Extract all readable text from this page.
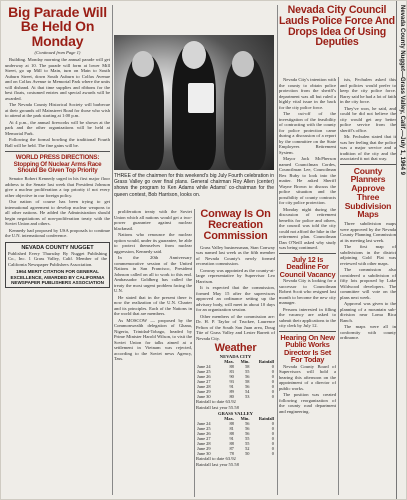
Nevada County Nugget—Grass Valley, Calif.—July 1, 1964 9
Big Parade Will Be Held On Monday
(Continued from Page 1)

Building. Monday morning the annual parade will get underway at 10. The parade will form at lower Mill Street, go up Mill to Main, turn on Main to South Auburn Street, down South Auburn to Colfax Avenue and on Colfax Avenue to Memorial Park where the units will disband. At that time supplies and ribbons for the best floats, costumed entries and special awards will be awarded.

The Nevada County Historical Society will barbecue at their grounds off Mainstreet Road for those who wish to attend at the park starting at 1:00 p.m.

At 4 p.m., the annual fireworks will be shown at the park and the other organizations will be held at Memorial Park.

Following the formal bowling the traditional Fourth Ball will be held. The fine gains will be.

WORLD PRESS DIRECTIONS: Stopping Of Nuclear Arms Race Should Be Given Top Priority

Senator Robert Kennedy urged in his first major floor address to the Senate last week that President Johnson give a nuclear proliferation a top priority if not every other objective in our foreign policy.

Our nation of course has been trying to get international agreement to develop nuclear weapons to all other nations. He added the Administration should begin negotiations of non-proliferation treaty with the Soviet Union and others.

Kennedy had proposed by USA proposals to continue the U.N. international conference.

NEVADA COUNTY NUGGET
Published Every Thursday By Nugget Publishing Co., Inc. 1 Grass Valley, Calif. Member of the California Newspaper Publishers Association.
1964 MERIT CITATION FOR GENERAL EXCELLENCE, AWARDED BY CALIFORNIA NEWSPAPER PUBLISHERS ASSOCIATION
THREE of the chairmen for this weekend's big July Fourth celebration in Grass Valley go over final plans. General chairman Roy Allen (center) shows the program to Ken Adams while Adams' co-chairman for the queen contest, Bob Harrison, looks on.

proliferation treaty with the Soviet Union which all nations would get a two-power guarantee against nuclear blackmail.

Nations who renounce the nuclear option would, under its guarantee, be able to protect themselves from nuclear aggression, Kennedy said.

In the 20th Anniversary commemorative session of the United Nations in San Francisco, President Johnson called on all to work to this end. Ambassador Goldberg has called the treaty the most urgent problem facing the U.N.

He stated that in the present there is now the realization of the U.N. Charter and its principles. Each of the Nations in the world that are members.

As MOSCOW — proposed by the Commonwealth delegation of Ghana, Nigeria, Trinidad-Tobago, headed by Prime Minister Harold Wilson, to visit the Soviet Union for talks aimed at a settlement in Vietnam was rejected, according to the Soviet news Agency, Tass.

Conway Is On Recreation Commission

Grass Valley businessman, Stan Conway was named last week as the fifth member of Nevada County's newly formed recreation commission.

Conway was appointed as the county-at-large representative by Supervisor Leo Harrison.

It is expected that the commission, formed May 15 after the supervisors approved an ordinance setting up the advisory body, will meet in about 10 days for an organization session.

Other members of the commission are: Dr. H. P. Taylor of Truckee, Laurence Pelton of the South San Juan area, Doug Tite of Grass Valley and Lester Barrett of Nevada City.

Weather
NEVADA CITY
	Max.	Min.	Rainfall
June 24	88	58	0
June 25	83	55	0
June 26	90	56	0
June 27	93	58	0
June 28	91	56	0
June 29	89	54	0
June 30	80	53	0
Rainfall to date 63.92
Rainfall last year 55.58
GRASS VALLEY
	Max.	Min.	Rainfall
June 24	88	56	0
June 25	81	56	0
June 26	88	56	0
June 27	91	55	0
June 28	88	55	0
June 29	87	52	0
June 30	78	50	0
Rainfall to date 63.92
Rainfall last year 55.58
Nevada City Council Lauds Police Force And Drops Idea Of Using Deputies

Nevada City's intention with the county to obtain police protection from the sheriff's department was all but ruled a highly vital issue in the back for the city police force.

The cut-off of the investigation of the feasibility of contracting with the county for police protection came during a discussion of a report by the committee on the State Employees Retirement System.

Mayor Jack McPherson named Councilman Cordes, Councilman Lee, Councilman Rex Ruby to look into the matter. He asked Sheriff Wayne Brown to discuss the police situation and the possibility of county contracts for city police protection.

Monday night during the discussion of retirement benefits for police and others, the council was told the city could not afford the hike in the retirement plan. Councilman Dan O'Neill asked why study was being continued.

July 12 Is Deadline For Council Vacancy

Nevada City is looking for a successor to Councilman Robert Scott who resigned last month to become the new city manager.

Persons interested in filling the vacancy are asked to submit their applications to the city clerk by July 12.

Hearing On New Public Works Director Is Set For Today

Nevada County Board of Supervisors will hold a hearing this afternoon on the appointment of a director of public works.

The position was created following reorganization of the county road department and engineering.

ists, Fechulen asked this and policies would prefer to keep the city police force. Barry said he had a lot of faith in the city force.

They've won, he said, and could be did not believe the city would get any better police service from the sheriff's office.

Mr. Fechulen stated that it was her feeling that the police was a major service and a tradition of the city and the associated it not that way.

County Planners Approve Three Subdivision Maps

Three subdivision maps were approved by the Nevada County Planning Commission at its meeting last week.

The first map of subdivisions in the district adjoining Gold Flat was reviewed with other maps.

The commission also considered a subdivision of fifty lots proposed by Lake Wildwood developers. The committee will vote on the plans next week.

Approval was given to the planning of a mountain sub-division near Loma Rica Ranch.

The maps were all in conformity with county ordinance.
